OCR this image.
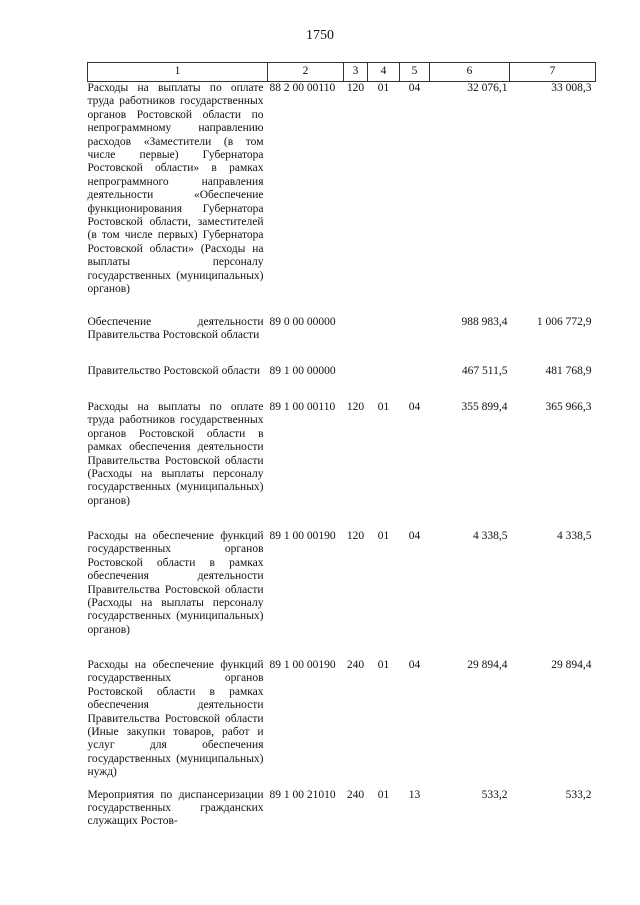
1750
1	2	3	4	5	6	7
Расходы на выплаты по оплате труда работников государственных органов Ростовской области по непрограммному направлению расходов «Заместители (в том числе первые) Губернатора Ростовской области» в рамках непрограммного направления деятельности «Обеспечение функционирования Губернатора Ростовской области, заместителей (в том числе первых) Губернатора Ростовской области» (Расходы на выплаты персоналу государственных (муниципальных) органов)	88 2 00 00110	120	01	04	32 076,1	33 008,3
Обеспечение деятельности Правительства Ростовской области	89 0 00 00000				988 983,4	1 006 772,9
Правительство Ростовской области	89 1 00 00000				467 511,5	481 768,9
Расходы на выплаты по оплате труда работников государственных органов Ростовской области в рамках обеспечения деятельности Правительства Ростовской области (Расходы на выплаты персоналу государственных (муниципальных) органов)	89 1 00 00110	120	01	04	355 899,4	365 966,3
Расходы на обеспечение функций государственных органов Ростовской области в рамках обеспечения деятельности Правительства Ростовской области (Расходы на выплаты персоналу государственных (муниципальных) органов)	89 1 00 00190	120	01	04	4 338,5	4 338,5
Расходы на обеспечение функций государственных органов Ростовской области в рамках обеспечения деятельности Правительства Ростовской области (Иные закупки товаров, работ и услуг для обеспечения государственных (муниципальных) нужд)	89 1 00 00190	240	01	04	29 894,4	29 894,4
Мероприятия по диспансеризации государственных гражданских служащих Ростов-	89 1 00 21010	240	01	13	533,2	533,2
